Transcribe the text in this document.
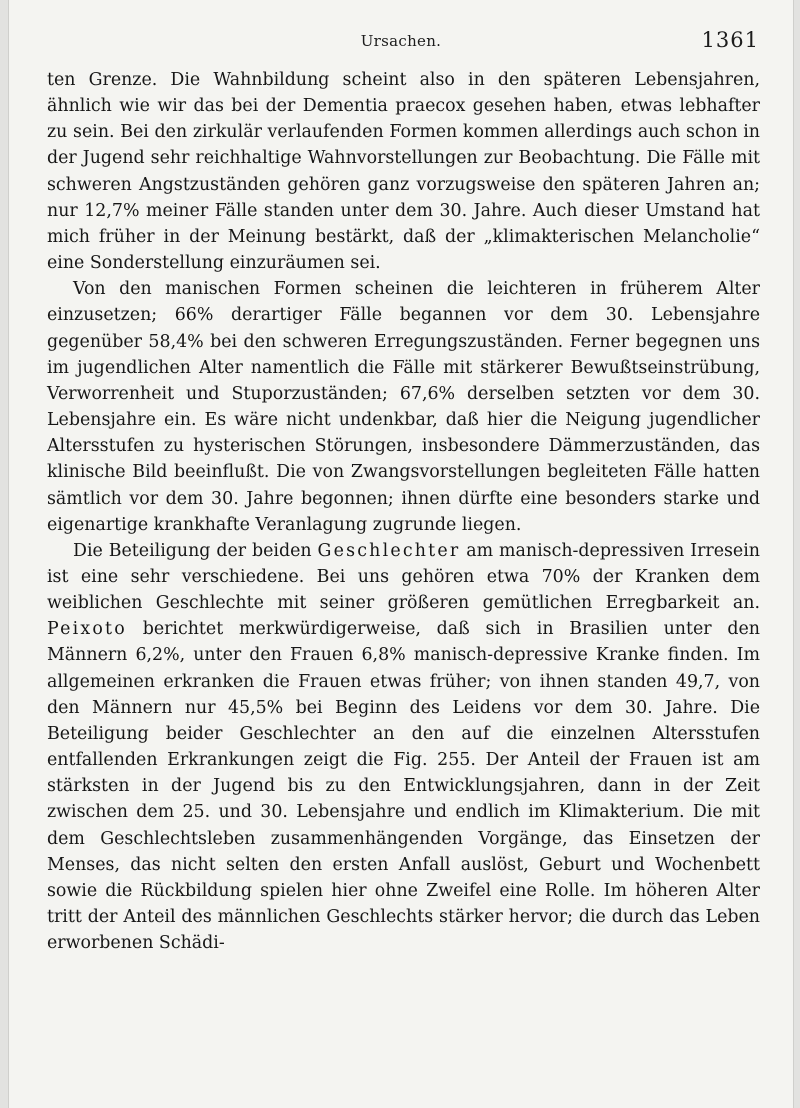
Ursachen.	1361

ten Grenze. Die Wahnbildung scheint also in den späteren Lebensjahren, ähnlich wie wir das bei der Dementia praecox gesehen haben, etwas lebhafter zu sein. Bei den zirkulär verlaufenden Formen kommen allerdings auch schon in der Jugend sehr reichhaltige Wahnvorstellungen zur Beobachtung. Die Fälle mit schweren Angstzuständen gehören ganz vorzugsweise den späteren Jahren an; nur 12,7% meiner Fälle standen unter dem 30. Jahre. Auch dieser Umstand hat mich früher in der Meinung bestärkt, daß der „klimakterischen Melancholie“ eine Sonderstellung einzuräumen sei.

Von den manischen Formen scheinen die leichteren in früherem Alter einzusetzen; 66% derartiger Fälle begannen vor dem 30. Lebensjahre gegenüber 58,4% bei den schweren Erregungszuständen. Ferner begegnen uns im jugendlichen Alter namentlich die Fälle mit stärkerer Bewußtseinstrübung, Verworrenheit und Stuporzuständen; 67,6% derselben setzten vor dem 30. Lebensjahre ein. Es wäre nicht undenkbar, daß hier die Neigung jugendlicher Altersstufen zu hysterischen Störungen, insbesondere Dämmerzuständen, das klinische Bild beeinflußt. Die von Zwangsvorstellungen begleiteten Fälle hatten sämtlich vor dem 30. Jahre begonnen; ihnen dürfte eine besonders starke und eigenartige krankhafte Veranlagung zugrunde liegen.

Die Beteiligung der beiden Geschlechter am manisch-depressiven Irresein ist eine sehr verschiedene. Bei uns gehören etwa 70% der Kranken dem weiblichen Geschlechte mit seiner größeren gemütlichen Erregbarkeit an. Peixoto berichtet merkwürdigerweise, daß sich in Brasilien unter den Männern 6,2%, unter den Frauen 6,8% manisch-depressive Kranke finden. Im allgemeinen erkranken die Frauen etwas früher; von ihnen standen 49,7, von den Männern nur 45,5% bei Beginn des Leidens vor dem 30. Jahre. Die Beteiligung beider Geschlechter an den auf die einzelnen Altersstufen entfallenden Erkrankungen zeigt die Fig. 255. Der Anteil der Frauen ist am stärksten in der Jugend bis zu den Entwicklungsjahren, dann in der Zeit zwischen dem 25. und 30. Lebensjahre und endlich im Klimakterium. Die mit dem Geschlechtsleben zusammenhängenden Vorgänge, das Einsetzen der Menses, das nicht selten den ersten Anfall auslöst, Geburt und Wochenbett sowie die Rückbildung spielen hier ohne Zweifel eine Rolle. Im höheren Alter tritt der Anteil des männlichen Geschlechts stärker hervor; die durch das Leben erworbenen Schädi-
